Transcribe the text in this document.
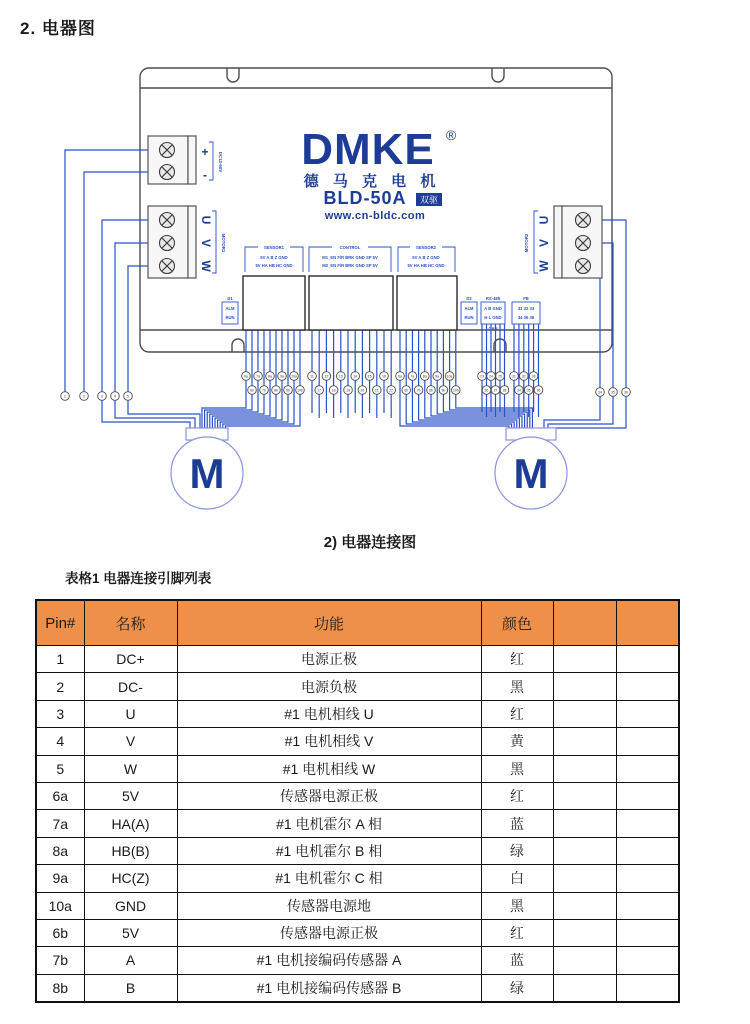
2. 电器图
+
-
DC12-60V
U
V
W
MOTOR1
U
V
W
MOTOR2
DMKE ®
德 马 克 电 机
BLD-50A 双驱
www.cn-bldc.com
SENSOR1
5V A B Z GND
5V HA HB HC GND
CONTROL
M1_EN F/R BRK GND SP 5V
M2_EN F/R BRK GND SP 5V
SENSOR2
5V A B Z GND
5V HA HB HC GND
D1
ALM
RUN
D2
ALM
RUN
RS-485
A B GND
H L GND
CAN
FB
31 32 33
34 35 36
1	2	3	4	5
6a
6b
7a
7b
8a
8b
9a
9b
10a
10b
11
17
12
18
13
19
14
20
15
21
16
22
6a
6b
7a
7b
8a
8b
9a
9b
10a
10b
23
26
24
27
25
28
31
34
32
35
33
36	36
35
34
M	M
2) 电器连接图
表格1 电器连接引脚列表
Pin#	名称	功能	颜色		
1	DC+	电源正极	红		
2	DC-	电源负极	黑		
3	U	#1 电机相线 U	红		
4	V	#1 电机相线 V	黄		
5	W	#1 电机相线 W	黑		
6a	5V	传感器电源正极	红		
7a	HA(A)	#1 电机霍尔 A 相	蓝		
8a	HB(B)	#1 电机霍尔 B 相	绿		
9a	HC(Z)	#1 电机霍尔 C 相	白		
10a	GND	传感器电源地	黑		
6b	5V	传感器电源正极	红		
7b	A	#1 电机接编码传感器 A	蓝		
8b	B	#1 电机接编码传感器 B	绿		
